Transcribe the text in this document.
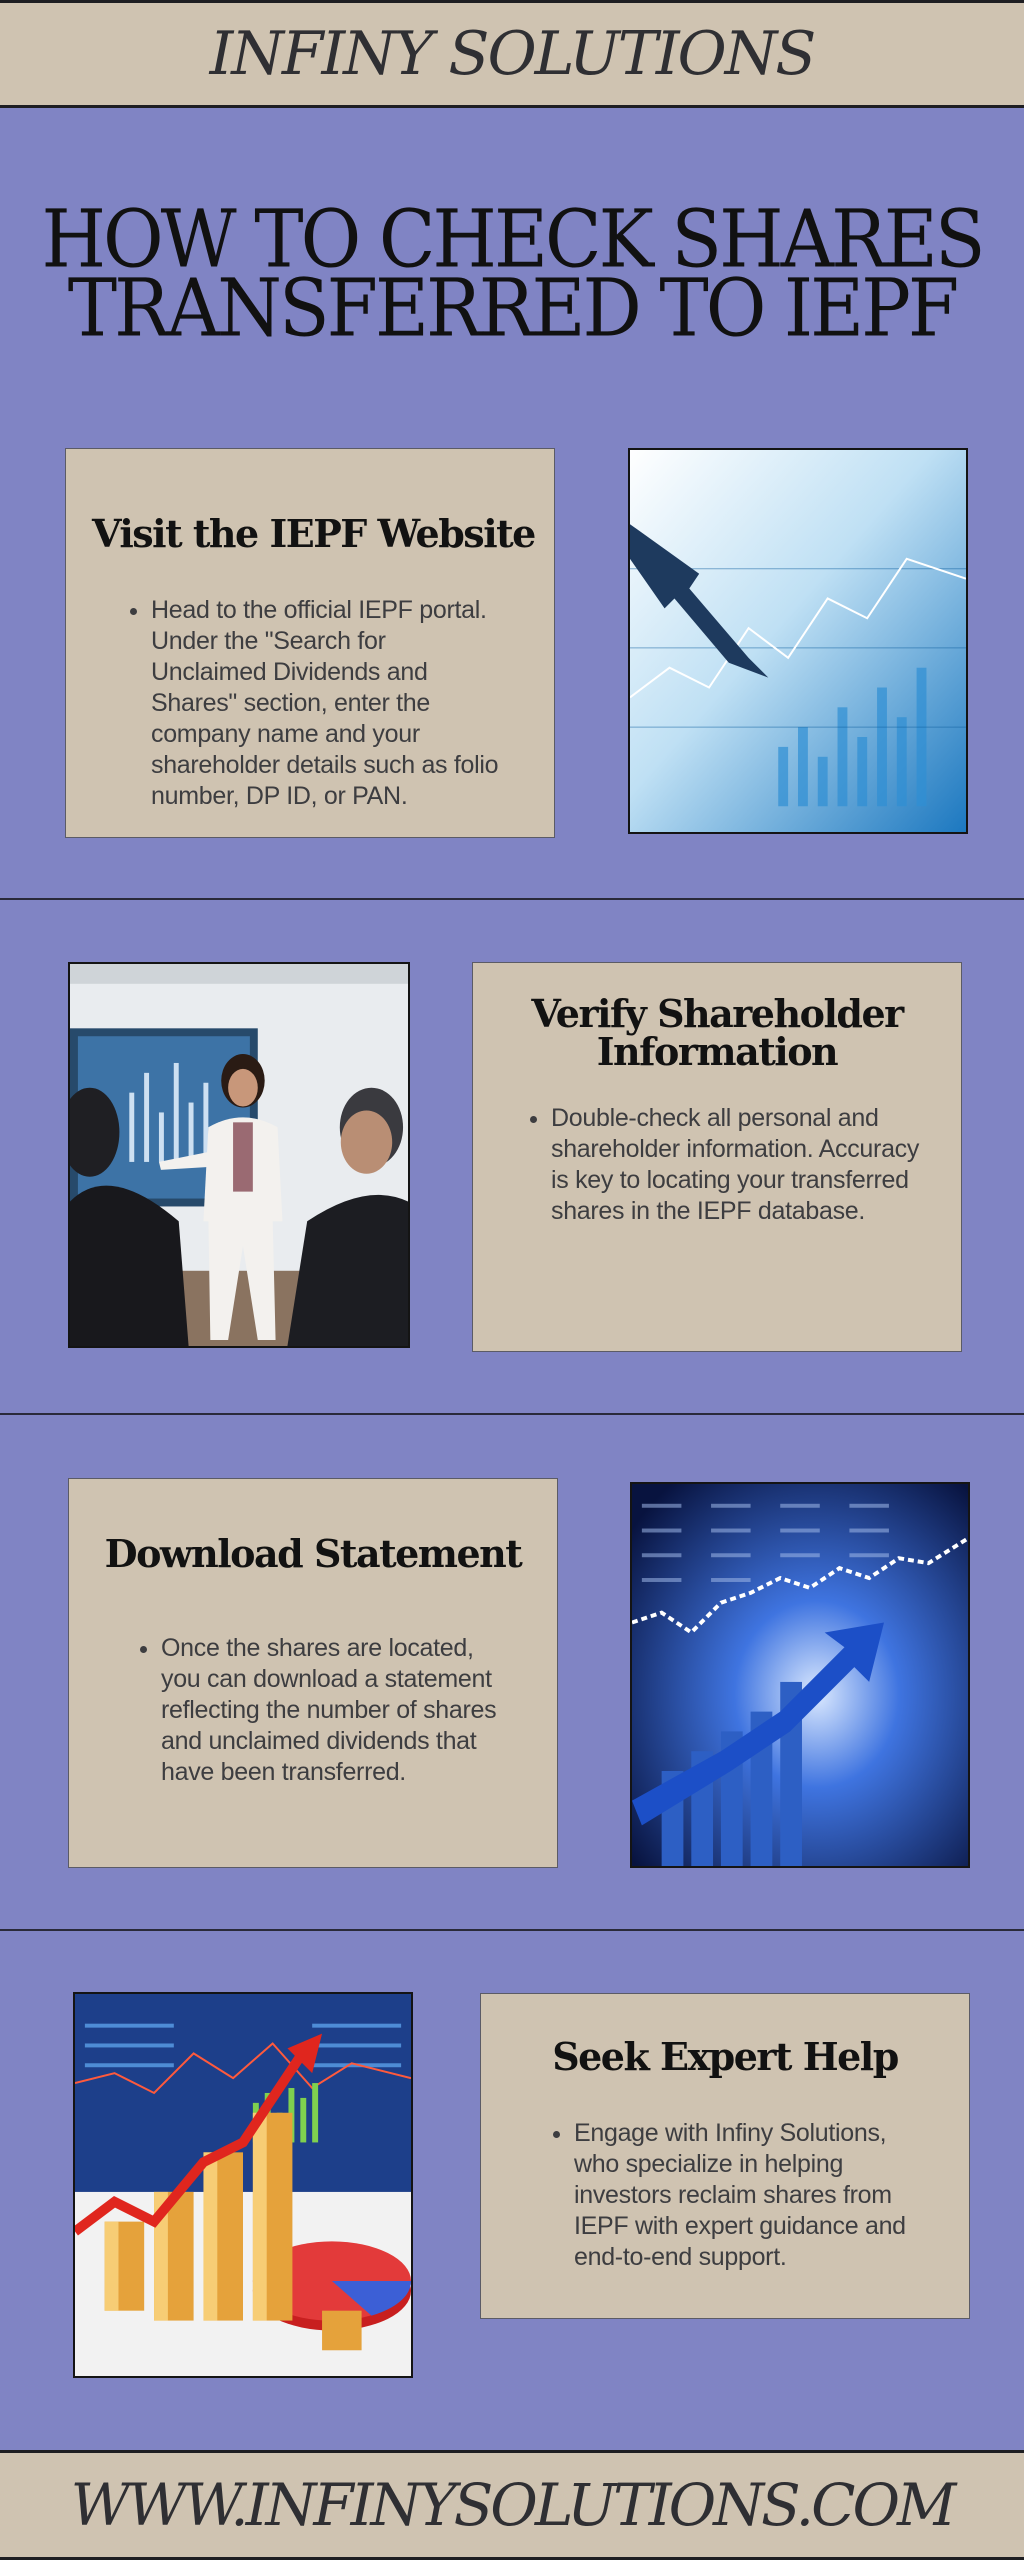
INFINY SOLUTIONS
HOW TO CHECK SHARES
TRANSFERRED TO IEPF
Visit the IEPF Website
• Head to the official IEPF portal. Under the "Search for Unclaimed Dividends and Shares" section, enter the company name and your shareholder details such as folio number, DP ID, or PAN.
Verify Shareholder
Information
• Double-check all personal and shareholder information. Accuracy is key to locating your transferred shares in the IEPF database.
Download Statement
• Once the shares are located, you can download a statement reflecting the number of shares and unclaimed dividends that have been transferred.
Seek Expert Help
• Engage with Infiny Solutions, who specialize in helping investors reclaim shares from IEPF with expert guidance and end-to-end support.
WWW.INFINYSOLUTIONS.COM
